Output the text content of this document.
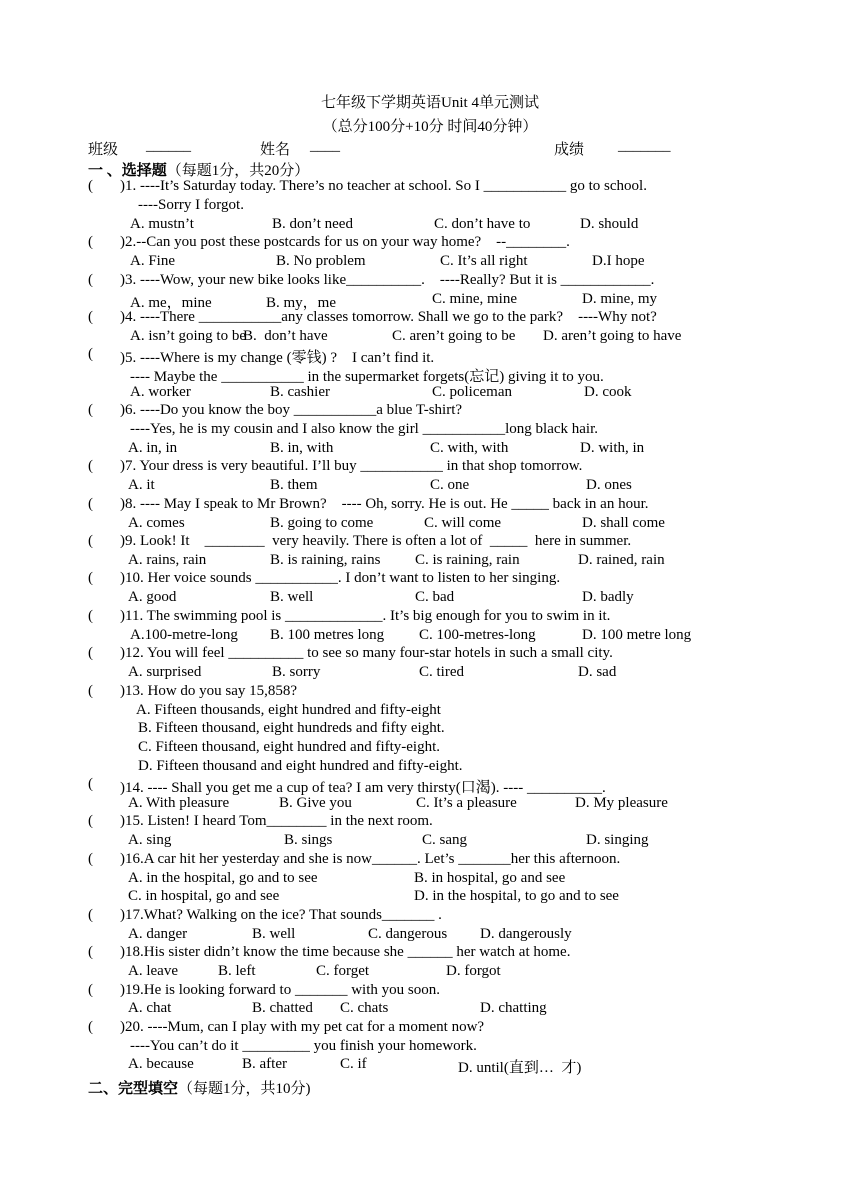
七年级下学期英语Unit 4单元测试
（总分100分+10分 时间40分钟）
班级 ______	姓名 ____	成绩 _______
一 、选择题（每题1分，共20分）
( )1. ----It’s Saturday today. There’s no teacher at school. So I ___________ go to school.
----Sorry I forgot.
A. mustn’t	B. don’t need	C. don’t have to	D. should
( )2.--Can you post these postcards for us on your way home?    --________.
A. Fine	B. No problem	C. It’s all right	D.I hope
( )3. ----Wow, your new bike looks like__________.    ----Really? But it is ____________.
A. me，mine	B. my，me	C. mine, mine	D. mine, my
( )4. ----There ___________any classes tomorrow. Shall we go to the park?    ----Why not?
A. isn’t going to be
B.  don’t have	C. aren’t going to be D. aren’t going to have
( )5. ----Where is my change (零钱) ?    I can’t find it.
---- Maybe the ___________ in the supermarket forgets(忘记) giving it to you.
A. worker	B. cashier	C. policeman	D. cook
( )6. ----Do you know the boy ___________a blue T-shirt?
----Yes, he is my cousin and I also know the girl ___________long black hair.
A. in, in	B. in, with	C. with, with	D. with, in
( )7. Your dress is very beautiful. I’ll buy ___________ in that shop tomorrow.
A. it	B. them	C. one	D. ones
( )8. ---- May I speak to Mr Brown?    ---- Oh, sorry. He is out. He _____ back in an hour.
A. comes	B. going to come	C. will come	D. shall come
( )9. Look! It    ________  very heavily. There is often a lot of  _____  here in summer.
A. rains, rain	B. is raining, rains C. is raining, rain	D. rained, rain
( )10. Her voice sounds ___________. I don’t want to listen to her singing.
A. good	B. well	C. bad	D. badly
( )11. The swimming pool is _____________. It’s big enough for you to swim in it.
A.100-metre-long B. 100 metres long C. 100-metres-long	D. 100 metre long
( )12. You will feel __________ to see so many four-star hotels in such a small city.
A. surprised	B. sorry	C. tired	D. sad
( )13. How do you say 15,858?
A. Fifteen thousands, eight hundred and fifty-eight
B. Fifteen thousand, eight hundreds and fifty eight.
C. Fifteen thousand, eight hundred and fifty-eight.
D. Fifteen thousand and eight hundred and fifty-eight.
( )14. ---- Shall you get me a cup of tea? I am very thirsty(口渴). ---- __________.
A. With pleasure	B. Give you	C. It’s a pleasure	D. My pleasure
( )15. Listen! I heard Tom________ in the next room.
A. sing	B. sings	C. sang	D. singing
( )16.A car hit her yesterday and she is now______. Let’s _______her this afternoon.
A. in the hospital, go and to see	B. in hospital, go and see
C. in hospital, go and see	D. in the hospital, to go and to see
( )17.What? Walking on the ice? That sounds_______ .
A. danger	B. well	C. dangerous D. dangerously
( )18.His sister didn’t know the time because she ______ her watch at home.
A. leave	B. left	C. forget	D. forgot
( )19.He is looking forward to _______ with you soon.
A. chat	B. chatted C. chats	D. chatting
( )20. ----Mum, can I play with my pet cat for a moment now?
----You can’t do it _________ you finish your homework.
A. because	B. after	C. if	D. until(直到…  才)
二、完型填空（每题1分，共10分)
